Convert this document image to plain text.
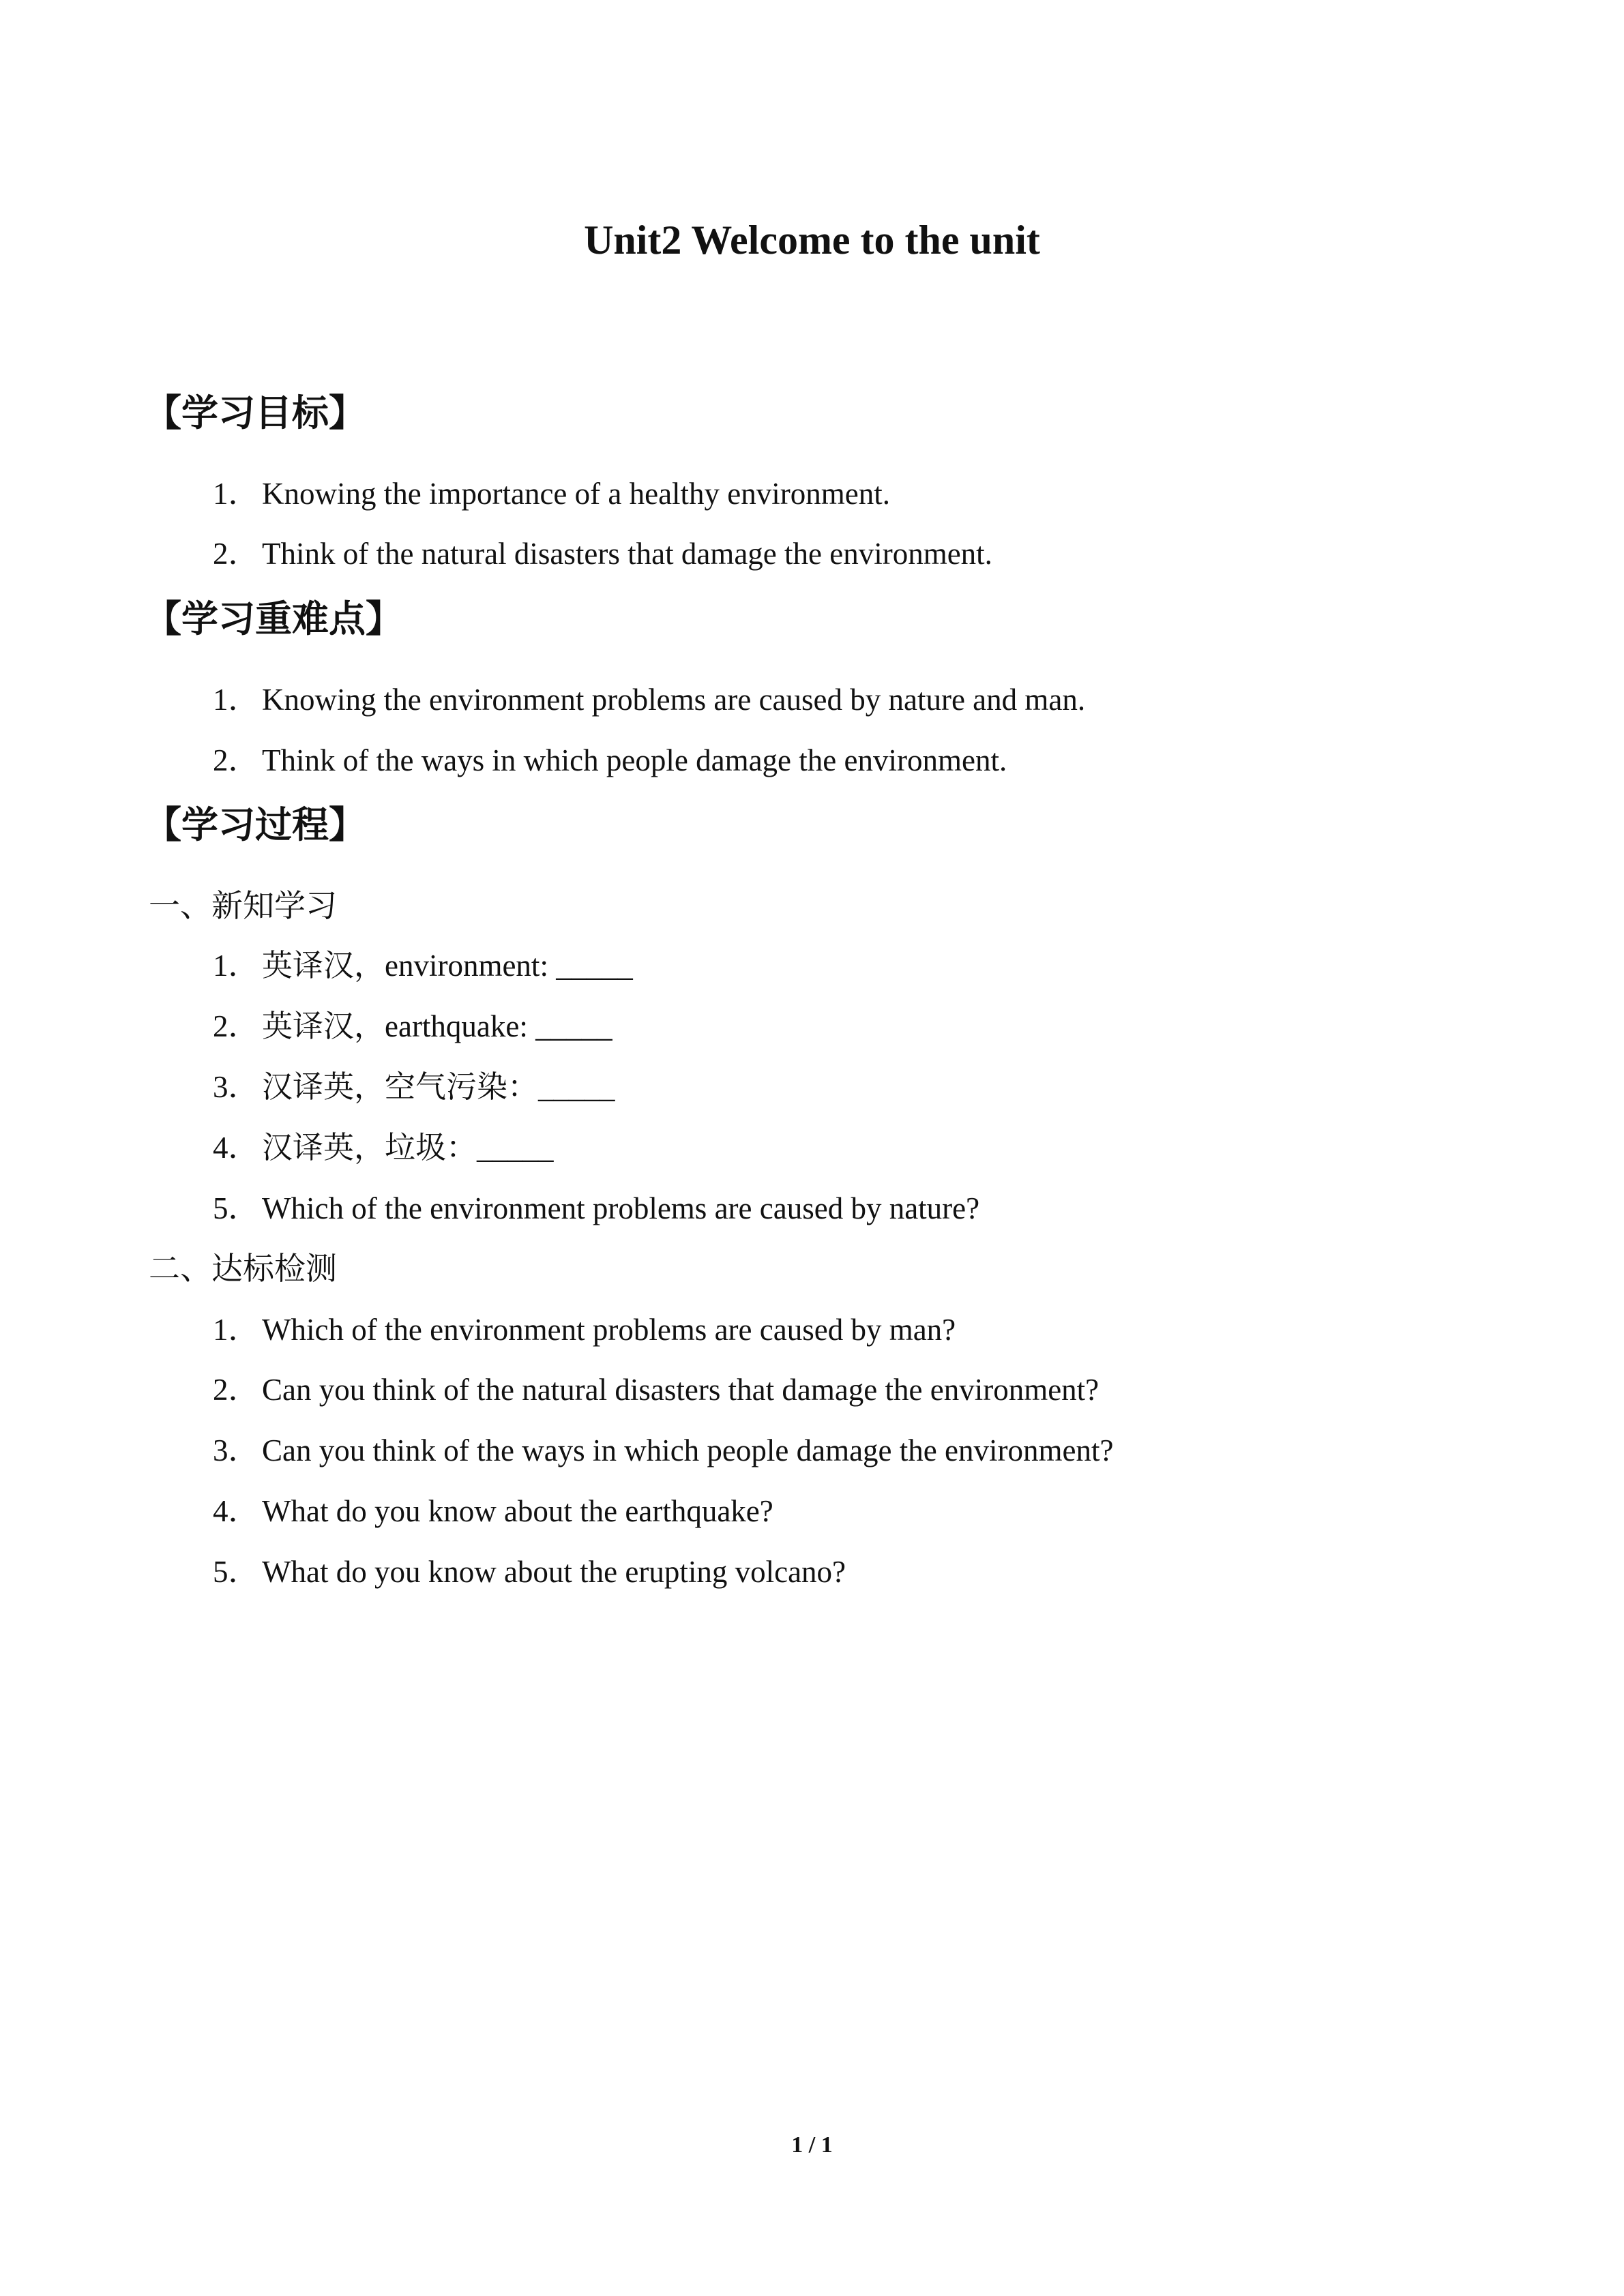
Unit2 Welcome to the unit
【学习目标】
1．Knowing the importance of a healthy environment.
2．Think of the natural disasters that damage the environment.
【学习重难点】
1．Knowing the environment problems are caused by nature and man.
2．Think of the ways in which people damage the environment.
【学习过程】
一、新知学习
1．英译汉，environment: _____
2．英译汉，earthquake: _____
3．汉译英，空气污染：_____
4．汉译英，垃圾：_____
5．Which of the environment problems are caused by nature?
二、达标检测
1．Which of the environment problems are caused by man?
2．Can you think of the natural disasters that damage the environment?
3．Can you think of the ways in which people damage the environment?
4．What do you know about the earthquake?
5．What do you know about the erupting volcano?
1 / 1
